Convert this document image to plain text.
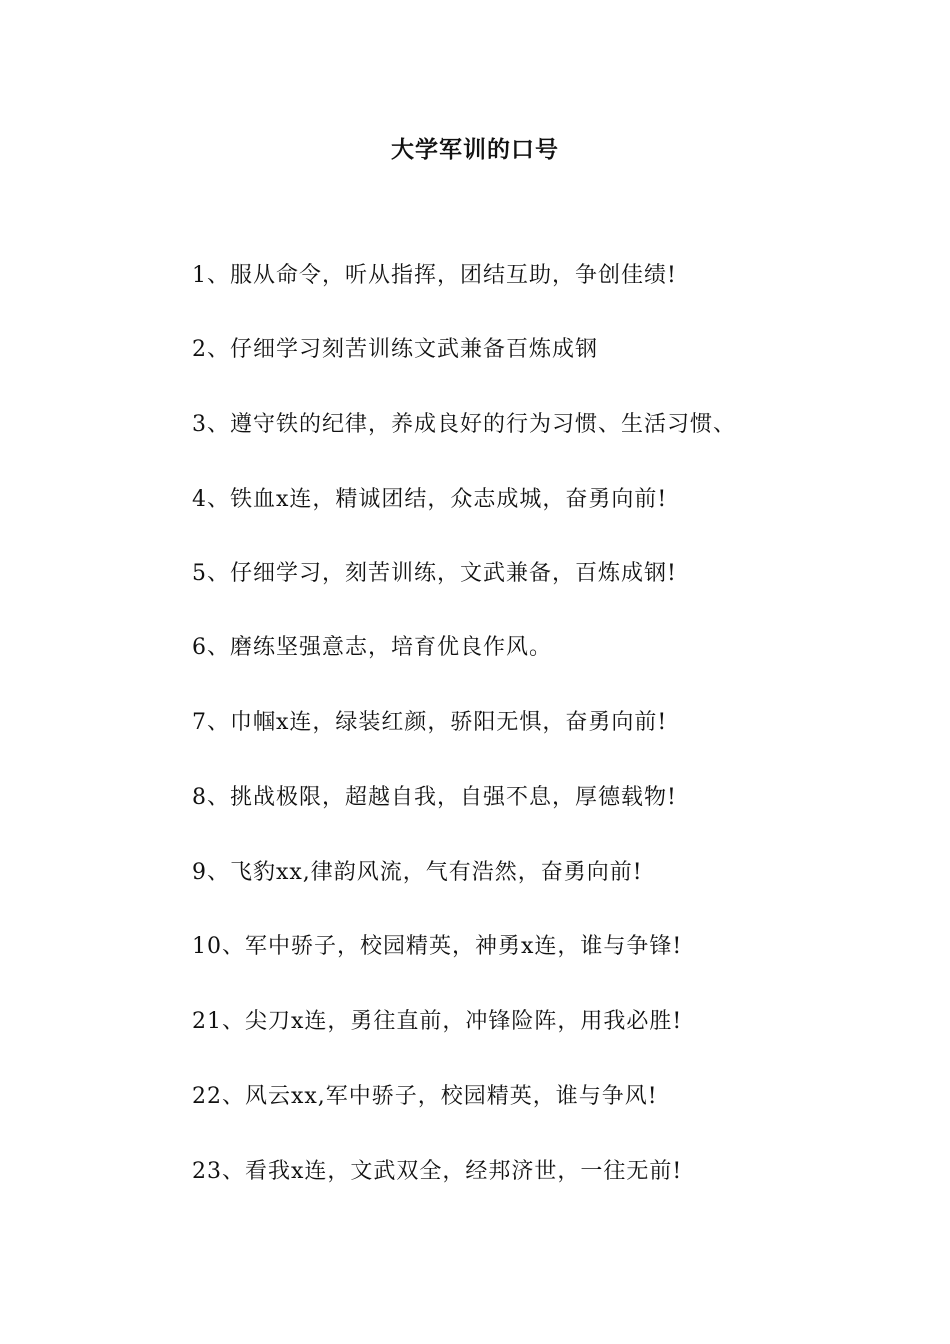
大学军训的口号
1、服从命令，听从指挥，团结互助，争创佳绩!
2、仔细学习刻苦训练文武兼备百炼成钢
3、遵守铁的纪律，养成良好的行为习惯、生活习惯、
4、铁血x连，精诚团结，众志成城，奋勇向前!
5、仔细学习，刻苦训练，文武兼备，百炼成钢!
6、磨练坚强意志，培育优良作风。
7、巾帼x连，绿装红颜，骄阳无惧，奋勇向前!
8、挑战极限，超越自我，自强不息，厚德载物!
9、飞豹xx,律韵风流，气有浩然，奋勇向前!
10、军中骄子，校园精英，神勇x连，谁与争锋!
21、尖刀x连，勇往直前，冲锋险阵，用我必胜!
22、风云xx,军中骄子，校园精英，谁与争风!
23、看我x连，文武双全，经邦济世，一往无前!
